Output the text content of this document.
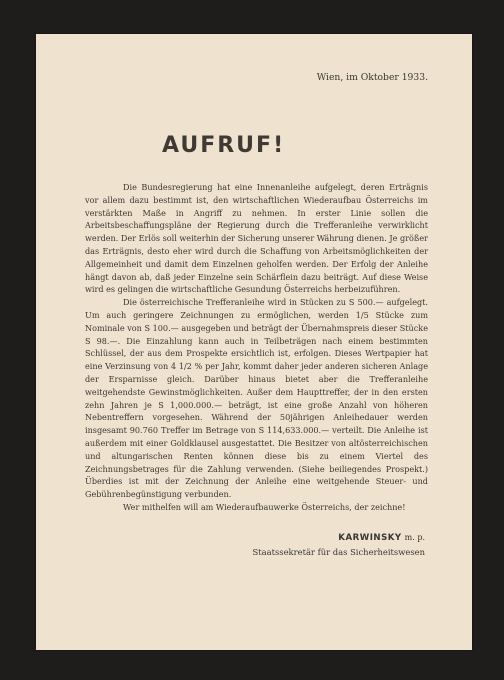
Wien, im Oktober 1933.

AUFRUF!

Die Bundesregierung hat eine Innenanleihe aufgelegt, deren Erträgnis vor allem dazu bestimmt ist, den wirtschaftlichen Wiederaufbau Österreichs im verstärkten Maße in Angriff zu nehmen. In erster Linie sollen die Arbeitsbeschaffungspläne der Regierung durch die Trefferanleihe verwirklicht werden. Der Erlös soll weiterhin der Sicherung unserer Währung dienen. Je größer das Erträgnis, desto eher wird durch die Schaffung von Arbeitsmöglichkeiten der Allgemeinheit und damit dem Einzelnen geholfen werden. Der Erfolg der Anleihe hängt davon ab, daß jeder Einzelne sein Schärflein dazu beiträgt. Auf diese Weise wird es gelingen die wirtschaftliche Gesundung Österreichs herbeizuführen.

Die österreichische Trefferanleihe wird in Stücken zu S 500.— aufgelegt. Um auch geringere Zeichnungen zu ermöglichen, werden 1/5 Stücke zum Nominale von S 100.— ausgegeben und beträgt der Übernahmspreis dieser Stücke S 98.—. Die Einzahlung kann auch in Teilbeträgen nach einem bestimmten Schlüssel, der aus dem Prospekte ersichtlich ist, erfolgen. Dieses Wertpapier hat eine Verzinsung von 4 1/2 % per Jahr, kommt daher jeder anderen sicheren Anlage der Ersparnisse gleich. Darüber hinaus bietet aber die Trefferanleihe weitgehendste Gewinstmöglichkeiten. Außer dem Haupttreffer, der in den ersten zehn Jahren je S 1,000.000.— beträgt, ist eine große Anzahl von höheren Nebentreffern vorgesehen. Während der 50jährigen Anleihedauer werden insgesamt 90.760 Treffer im Betrage von S 114,633.000.— verteilt. Die Anleihe ist außerdem mit einer Goldklausel ausgestattet. Die Besitzer von altösterreichischen und altungarischen Renten können diese bis zu einem Viertel des Zeichnungsbetrages für die Zahlung verwenden. (Siehe beiliegendes Prospekt.) Überdies ist mit der Zeichnung der Anleihe eine weitgehende Steuer- und Gebührenbegünstigung verbunden.

Wer mithelfen will am Wiederaufbauwerke Österreichs, der zeichne!

KARWINSKY m. p.
Staatssekretär für das Sicherheitswesen
